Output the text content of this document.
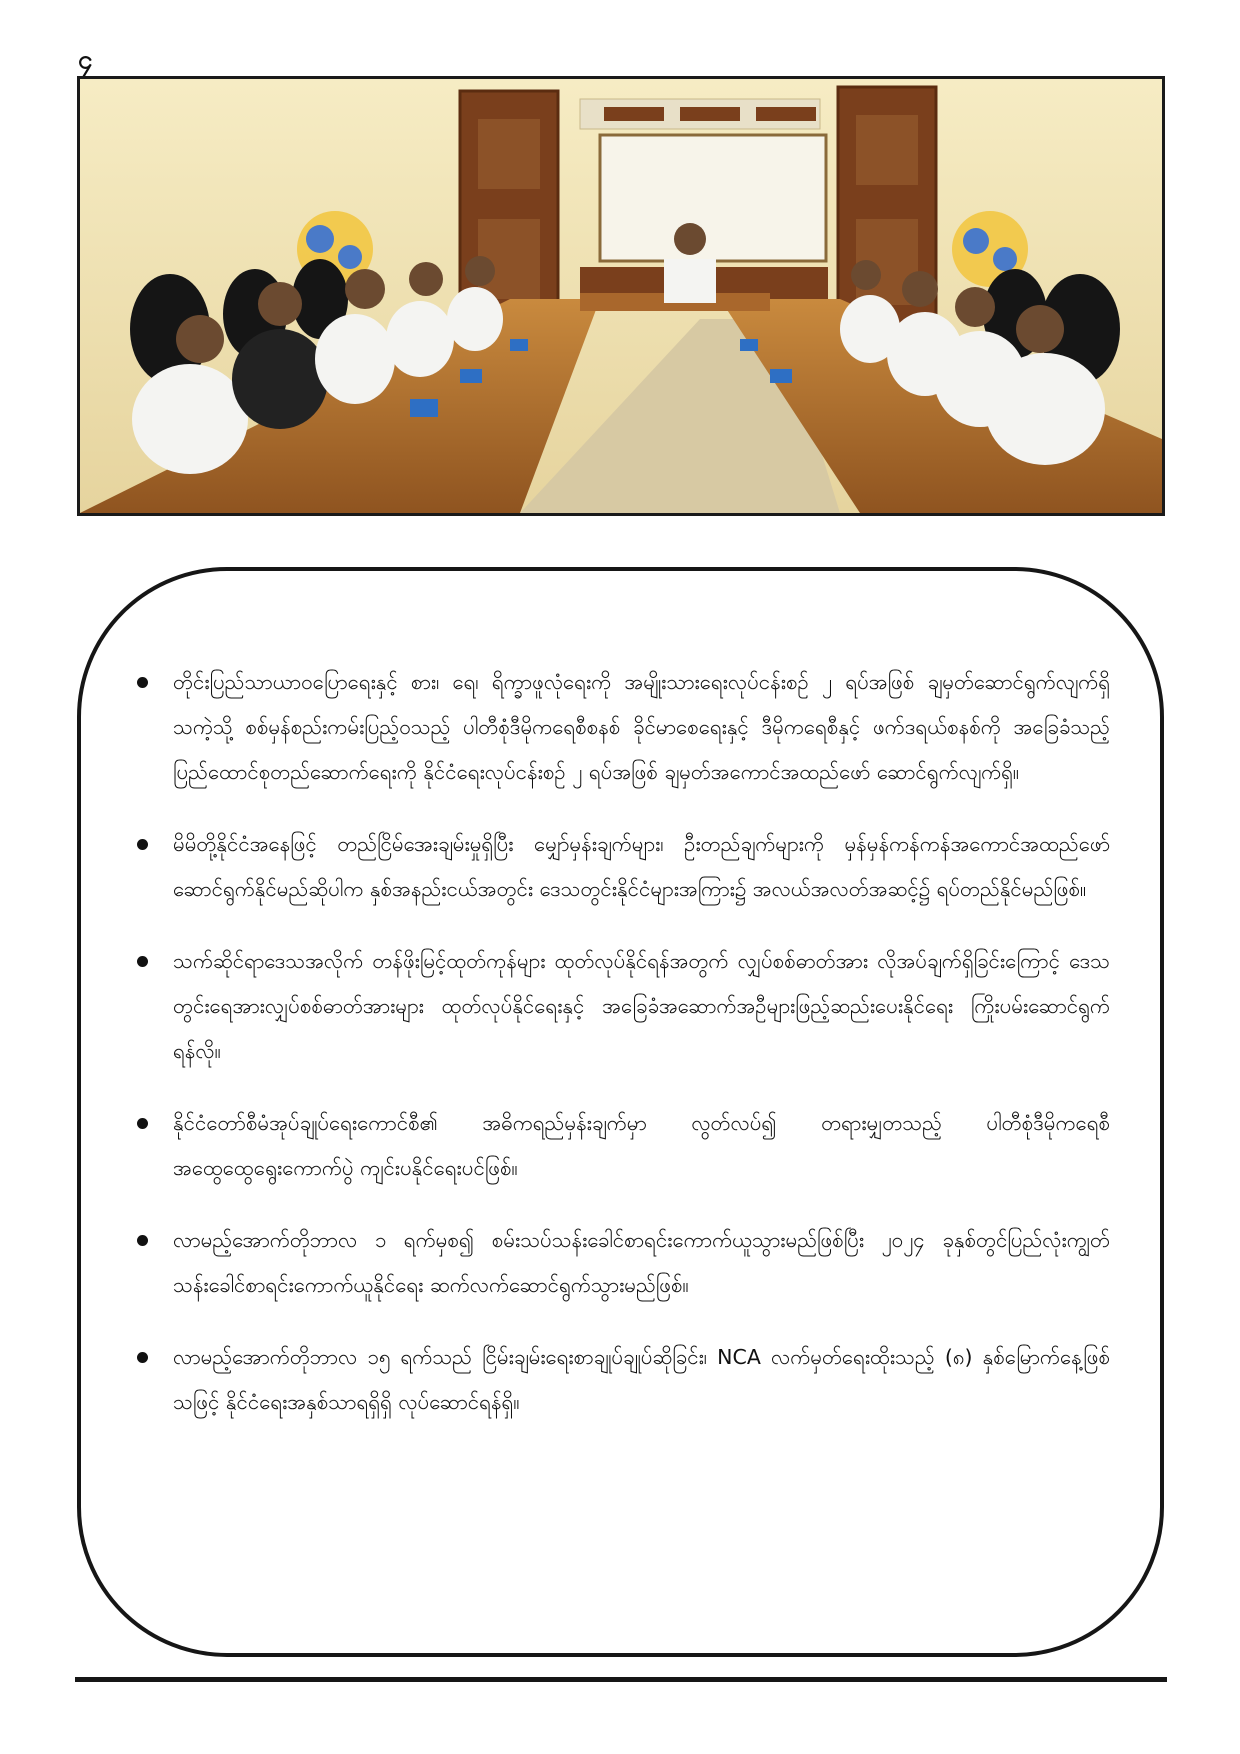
၄
တိုင်းပြည်သာယာဝပြောရေးနှင့် စား၊ ရေ၊ ရိက္ခာဖူလုံရေးကို အမျိုးသားရေးလုပ်ငန်းစဉ် ၂ ရပ်အဖြစ် ချမှတ်ဆောင်ရွက်လျက်ရှိသကဲ့သို့ စစ်မှန်စည်းကမ်းပြည့်ဝသည့် ပါတီစုံဒီမိုကရေစီစနစ် ခိုင်မာစေရေးနှင့် ဒီမိုကရေစီနှင့် ဖက်ဒရယ်စနစ်ကို အခြေခံသည့် ပြည်ထောင်စုတည်ဆောက်ရေးကို နိုင်ငံရေးလုပ်ငန်းစဉ် ၂ ရပ်အဖြစ် ချမှတ်အကောင်အထည်ဖော် ဆောင်ရွက်လျက်ရှိ။
မိမိတို့နိုင်ငံအနေဖြင့် တည်ငြိမ်အေးချမ်းမှုရှိပြီး မျှော်မှန်းချက်များ၊ ဦးတည်ချက်များကို မှန်မှန်ကန်ကန်အကောင်အထည်ဖော် ဆောင်ရွက်နိုင်မည်ဆိုပါက နှစ်အနည်းငယ်အတွင်း ဒေသတွင်းနိုင်ငံများအကြား၌ အလယ်အလတ်အဆင့်၌ ရပ်တည်နိုင်မည်ဖြစ်။
သက်ဆိုင်ရာဒေသအလိုက် တန်ဖိုးမြင့်ထုတ်ကုန်များ ထုတ်လုပ်နိုင်ရန်အတွက် လျှပ်စစ်ဓာတ်အား လိုအပ်ချက်ရှိခြင်းကြောင့် ဒေသတွင်းရေအားလျှပ်စစ်ဓာတ်အားများ ထုတ်လုပ်နိုင်ရေးနှင့် အခြေခံအဆောက်အဦများဖြည့်ဆည်းပေးနိုင်ရေး ကြိုးပမ်းဆောင်ရွက်ရန်လို။
နိုင်ငံတော်စီမံအုပ်ချုပ်ရေးကောင်စီ၏ အဓိကရည်မှန်းချက်မှာ လွတ်လပ်၍ တရားမျှတသည့် ပါတီစုံဒီမိုကရေစီအထွေထွေရွေးကောက်ပွဲ ကျင်းပနိုင်ရေးပင်ဖြစ်။
လာမည့်အောက်တိုဘာလ ၁ ရက်မှစ၍ စမ်းသပ်သန်းခေါင်စာရင်းကောက်ယူသွားမည်ဖြစ်ပြီး ၂၀၂၄ ခုနှစ်တွင်ပြည်လုံးကျွတ်သန်းခေါင်စာရင်းကောက်ယူနိုင်ရေး ဆက်လက်ဆောင်ရွက်သွားမည်ဖြစ်။
လာမည့်အောက်တိုဘာလ ၁၅ ရက်သည် ငြိမ်းချမ်းရေးစာချုပ်ချုပ်ဆိုခြင်း၊ NCA လက်မှတ်ရေးထိုးသည့် (၈) နှစ်မြောက်နေ့ဖြစ်သဖြင့် နိုင်ငံရေးအနှစ်သာရရှိရှိ လုပ်ဆောင်ရန်ရှိ။
